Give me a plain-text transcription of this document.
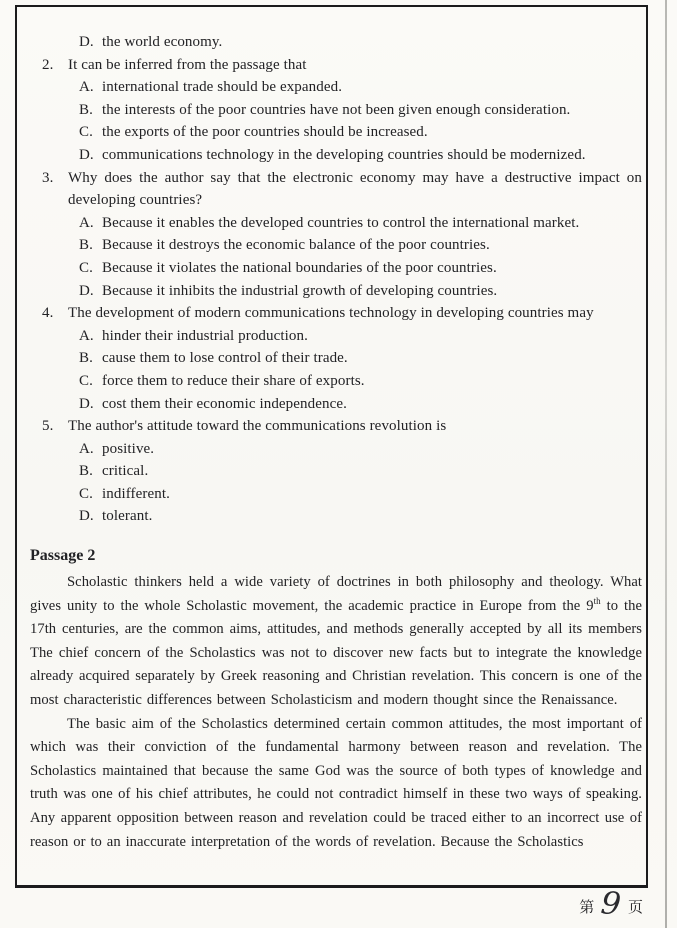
D. the world economy.
2. It can be inferred from the passage that
A. international trade should be expanded.
B. the interests of the poor countries have not been given enough consideration.
C. the exports of the poor countries should be increased.
D. communications technology in the developing countries should be modernized.
3. Why does the author say that the electronic economy may have a destructive impact on developing countries?
A. Because it enables the developed countries to control the international market.
B. Because it destroys the economic balance of the poor countries.
C. Because it violates the national boundaries of the poor countries.
D. Because it inhibits the industrial growth of developing countries.
4. The development of modern communications technology in developing countries may
A. hinder their industrial production.
B. cause them to lose control of their trade.
C. force them to reduce their share of exports.
D. cost them their economic independence.
5. The author's attitude toward the communications revolution is
A. positive.
B. critical.
C. indifferent.
D. tolerant.
Passage 2
Scholastic thinkers held a wide variety of doctrines in both philosophy and theology. What gives unity to the whole Scholastic movement, the academic practice in Europe from the 9th to the 17th centuries, are the common aims, attitudes, and methods generally accepted by all its members The chief concern of the Scholastics was not to discover new facts but to integrate the knowledge already acquired separately by Greek reasoning and Christian revelation. This concern is one of the most characteristic differences between Scholasticism and modern thought since the Renaissance.
The basic aim of the Scholastics determined certain common attitudes, the most important of which was their conviction of the fundamental harmony between reason and revelation. The Scholastics maintained that because the same God was the source of both types of knowledge and truth was one of his chief attributes, he could not contradict himself in these two ways of speaking. Any apparent opposition between reason and revelation could be traced either to an incorrect use of reason or to an inaccurate interpretation of the words of revelation. Because the Scholastics
第 9 页
